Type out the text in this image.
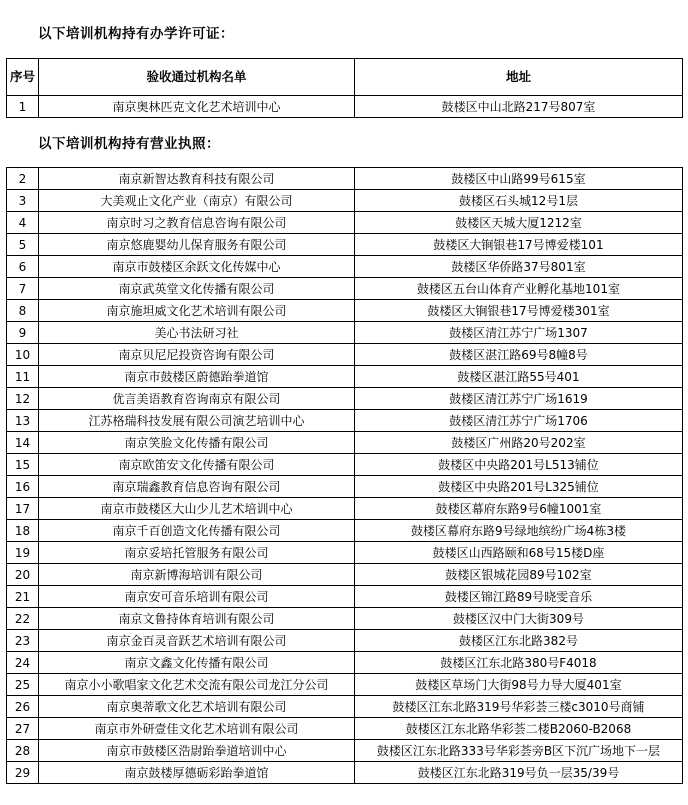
以下培训机构持有办学许可证：
序号	验收通过机构名单	地址
1	南京奥林匹克文化艺术培训中心	鼓楼区中山北路217号807室
以下培训机构持有营业执照：
2	南京新智达教育科技有限公司	鼓楼区中山路99号615室
3	大美观止文化产业（南京）有限公司	鼓楼区石头城12号1层
4	南京时习之教育信息咨询有限公司	鼓楼区天城大厦1212室
5	南京悠鹿婴幼儿保育服务有限公司	鼓楼区大锏银巷17号博爱楼101
6	南京市鼓楼区余跃文化传媒中心	鼓楼区华侨路37号801室
7	南京武英堂文化传播有限公司	鼓楼区五台山体育产业孵化基地101室
8	南京施坦威文化艺术培训有限公司	鼓楼区大锏银巷17号博爱楼301室
9	美心书法研习社	鼓楼区清江苏宁广场1307
10	南京贝尼尼投资咨询有限公司	鼓楼区湛江路69号8幢8号
11	南京市鼓楼区蔚德跆拳道馆	鼓楼区湛江路55号401
12	优言美语教育咨询南京有限公司	鼓楼区清江苏宁广场1619
13	江苏格瑞科技发展有限公司演艺培训中心	鼓楼区清江苏宁广场1706
14	南京笑脸文化传播有限公司	鼓楼区广州路20号202室
15	南京欧笛安文化传播有限公司	鼓楼区中央路201号L513铺位
16	南京瑞鑫教育信息咨询有限公司	鼓楼区中央路201号L325铺位
17	南京市鼓楼区大山少儿艺术培训中心	鼓楼区幕府东路9号6幢1001室
18	南京千百创造文化传播有限公司	鼓楼区幕府东路9号绿地缤纷广场4栋3楼
19	南京妥培托管服务有限公司	鼓楼区山西路颐和68号15楼D座
20	南京新博海培训有限公司	鼓楼区银城花园89号102室
21	南京安可音乐培训有限公司	鼓楼区锦江路89号晓雯音乐
22	南京文鲁持体育培训有限公司	鼓楼区汉中门大街309号
23	南京金百灵音跃艺术培训有限公司	鼓楼区江东北路382号
24	南京文鑫文化传播有限公司	鼓楼区江东北路380号F4018
25	南京小小歌唱家文化艺术交流有限公司龙江分公司	鼓楼区草场门大街98号力导大厦401室
26	南京奥蒂歌文化艺术培训有限公司	鼓楼区江东北路319号华彩荟三楼c3010号商铺
27	南京市外研壹佳文化艺术培训有限公司	鼓楼区江东北路华彩荟二楼B2060-B2068
28	南京市鼓楼区浩尉跆拳道培训中心	鼓楼区江东北路333号华彩荟旁B区下沉广场地下一层
29	南京鼓楼厚德砺彩跆拳道馆	鼓楼区江东北路319号负一层35/39号
